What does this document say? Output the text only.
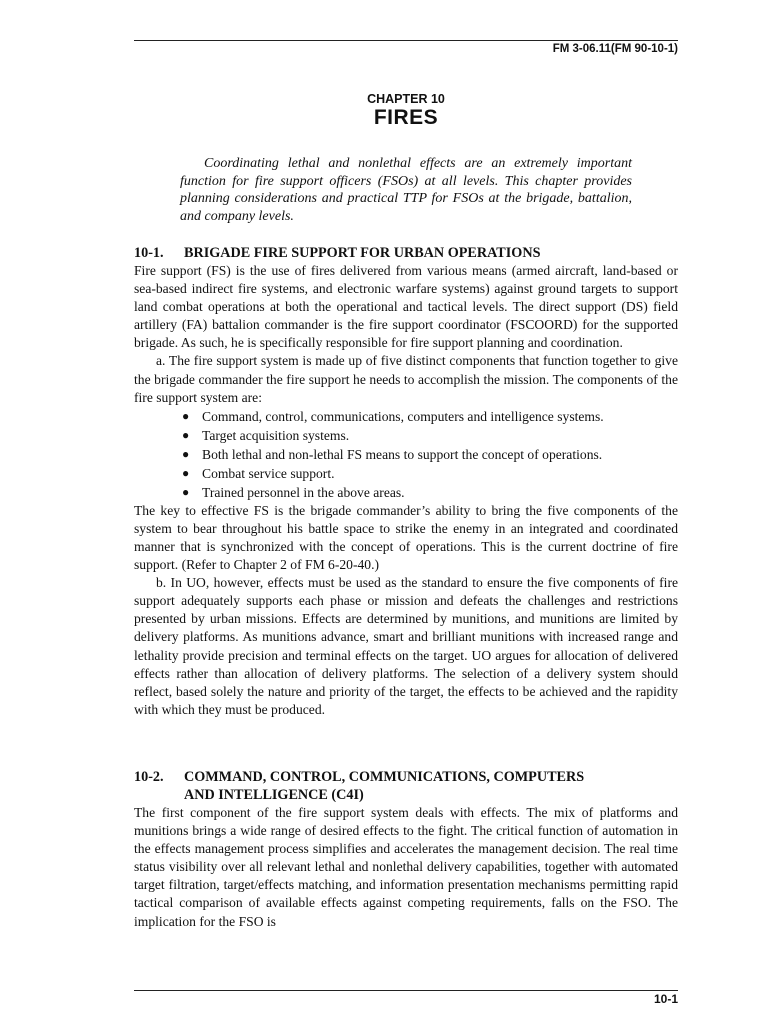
FM 3-06.11(FM 90-10-1)
CHAPTER 10
FIRES

Coordinating lethal and nonlethal effects are an extremely important function for fire support officers (FSOs) at all levels. This chapter provides planning considerations and practical TTP for FSOs at the brigade, battalion, and company levels.

10-1. BRIGADE FIRE SUPPORT FOR URBAN OPERATIONS

Fire support (FS) is the use of fires delivered from various means (armed aircraft, land-based or sea-based indirect fire systems, and electronic warfare systems) against ground targets to support land combat operations at both the operational and tactical levels. The direct support (DS) field artillery (FA) battalion commander is the fire support coordinator (FSCOORD) for the supported brigade. As such, he is specifically responsible for fire support planning and coordination.

a. The fire support system is made up of five distinct components that function together to give the brigade commander the fire support he needs to accomplish the mission. The components of the fire support system are:

● Command, control, communications, computers and intelligence systems.
● Target acquisition systems.
● Both lethal and non-lethal FS means to support the concept of operations.
● Combat service support.
● Trained personnel in the above areas.

The key to effective FS is the brigade commander’s ability to bring the five components of the system to bear throughout his battle space to strike the enemy in an integrated and coordinated manner that is synchronized with the concept of operations. This is the current doctrine of fire support. (Refer to Chapter 2 of FM 6-20-40.)

b. In UO, however, effects must be used as the standard to ensure the five components of fire support adequately supports each phase or mission and defeats the challenges and restrictions presented by urban missions. Effects are determined by munitions, and munitions are limited by delivery platforms. As munitions advance, smart and brilliant munitions with increased range and lethality provide precision and terminal effects on the target. UO argues for allocation of delivered effects rather than allocation of delivery platforms. The selection of a delivery system should reflect, based solely the nature and priority of the target, the effects to be achieved and the rapidity with which they must be produced.

10-2. COMMAND, CONTROL, COMMUNICATIONS, COMPUTERS
AND INTELLIGENCE (C4I)

The first component of the fire support system deals with effects. The mix of platforms and munitions brings a wide range of desired effects to the fight. The critical function of automation in the effects management process simplifies and accelerates the management decision. The real time status visibility over all relevant lethal and nonlethal delivery capabilities, together with automated target filtration, target/effects matching, and information presentation mechanisms permitting rapid tactical comparison of available effects against competing requirements, falls on the FSO. The implication for the FSO is

10-1
